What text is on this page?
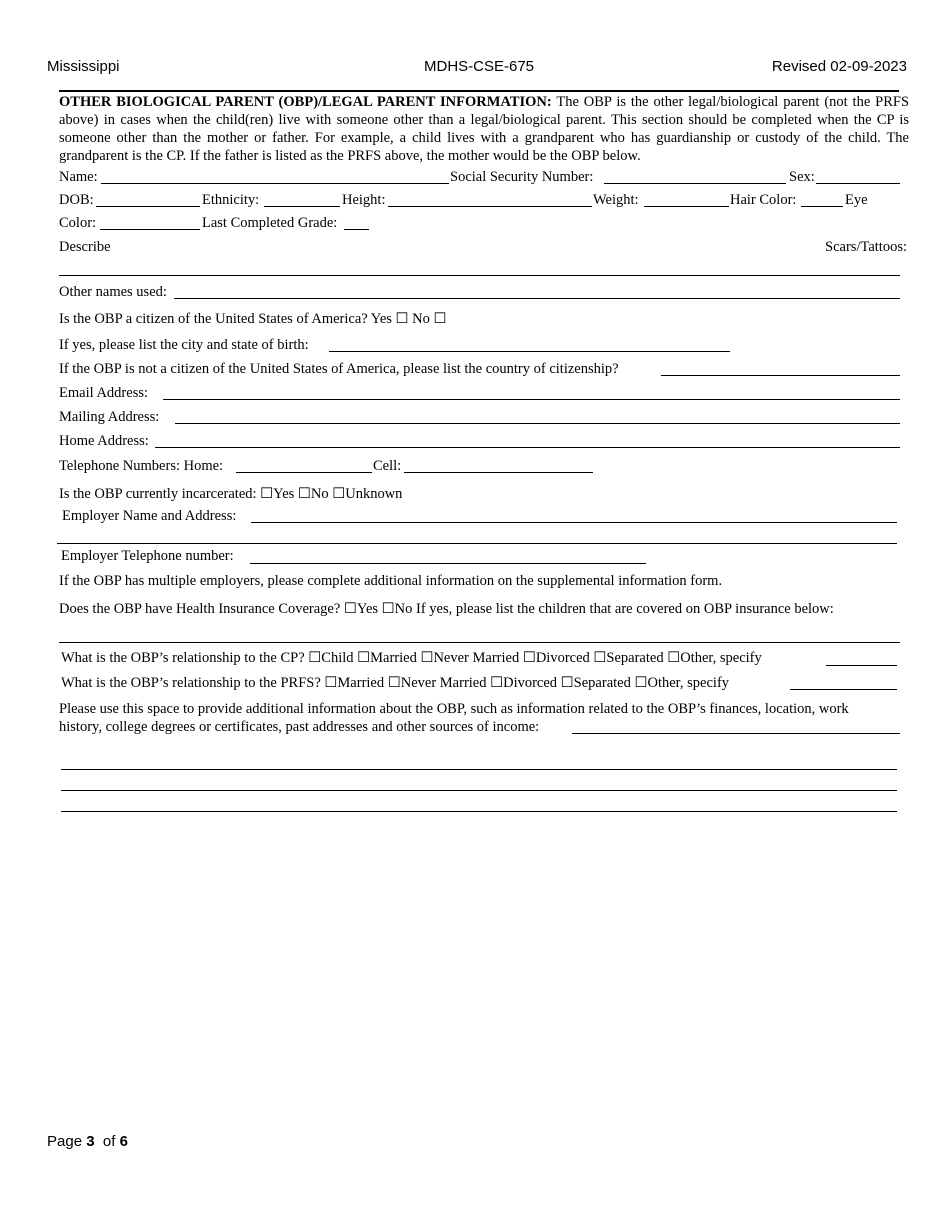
Mississippi	MDHS-CSE-675	Revised 02-09-2023
OTHER BIOLOGICAL PARENT (OBP)/LEGAL PARENT INFORMATION: The OBP is the other legal/biological parent (not the PRFS above) in cases when the child(ren) live with someone other than a legal/biological parent. This section should be completed when the CP is someone other than the mother or father. For example, a child lives with a grandparent who has guardianship or custody of the child. The grandparent is the CP. If the father is listed as the PRFS above, the mother would be the OBP below.
Name:	Social Security Number:	Sex:
DOB:	Ethnicity:	Height:	Weight:	Hair Color:	Eye
Color:	Last Completed Grade:
Describe	Scars/Tattoos:
Other names used:
Is the OBP a citizen of the United States of America? Yes ☐ No ☐
If yes, please list the city and state of birth:
If the OBP is not a citizen of the United States of America, please list the country of citizenship?
Email Address:
Mailing Address:
Home Address:
Telephone Numbers: Home:	Cell:
Is the OBP currently incarcerated: ☐Yes ☐No ☐Unknown
Employer Name and Address:
Employer Telephone number:
If the OBP has multiple employers, please complete additional information on the supplemental information form.
Does the OBP have Health Insurance Coverage? ☐Yes ☐No If yes, please list the children that are covered on OBP insurance below:
What is the OBP’s relationship to the CP? ☐Child ☐Married ☐Never Married ☐Divorced ☐Separated ☐Other, specify
What is the OBP’s relationship to the PRFS? ☐Married ☐Never Married ☐Divorced ☐Separated ☐Other, specify
Please use this space to provide additional information about the OBP, such as information related to the OBP’s finances, location, work
history, college degrees or certificates, past addresses and other sources of income:
Page 3 of 6
